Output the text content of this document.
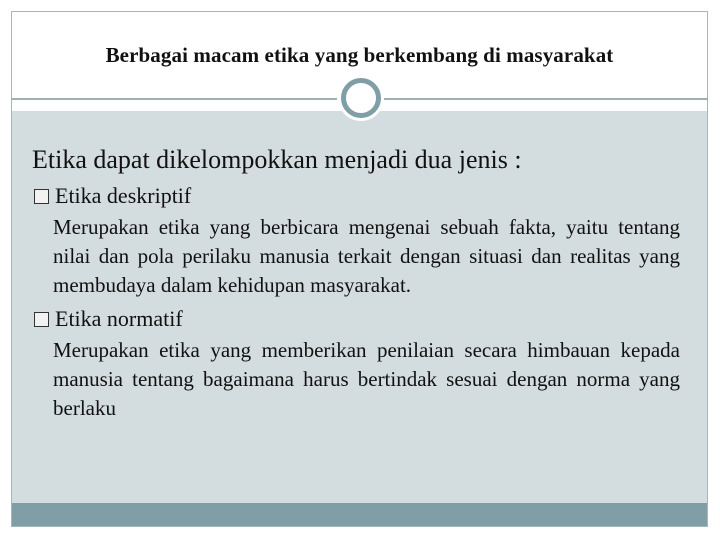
Berbagai macam etika yang berkembang di masyarakat
Etika dapat dikelompokkan menjadi dua jenis :
Etika deskriptif
Merupakan etika yang berbicara mengenai sebuah fakta, yaitu tentang nilai dan pola perilaku manusia terkait dengan situasi dan realitas yang membudaya dalam kehidupan masyarakat.
Etika normatif
Merupakan etika yang memberikan penilaian secara himbauan kepada manusia tentang bagaimana harus bertindak sesuai dengan norma yang berlaku
